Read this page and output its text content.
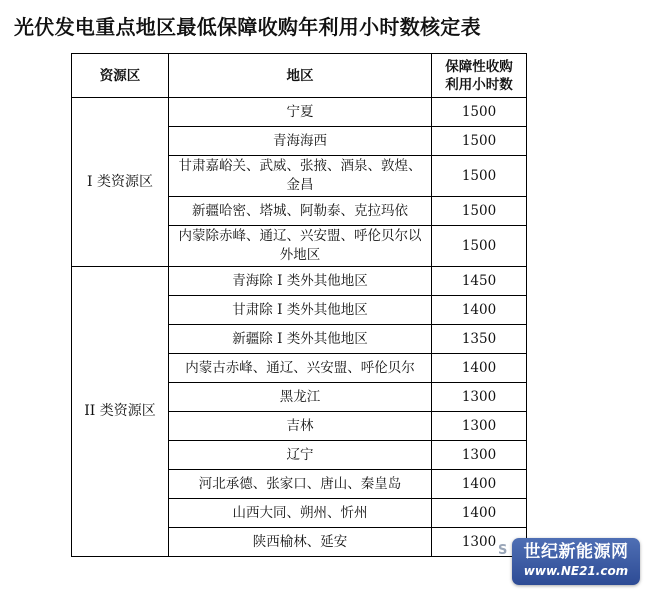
光伏发电重点地区最低保障收购年利用小时数核定表
资源区	地区	保障性收购
利用小时数
I 类资源区	宁夏	1500
	青海海西	1500
	甘肃嘉峪关、武威、张掖、酒泉、敦煌、金昌	1500
	新疆哈密、塔城、阿勒泰、克拉玛依	1500
	内蒙除赤峰、通辽、兴安盟、呼伦贝尔以外地区	1500
II 类资源区	青海除 I 类外其他地区	1450
	甘肃除 I 类外其他地区	1400
	新疆除 I 类外其他地区	1350
	内蒙古赤峰、通辽、兴安盟、呼伦贝尔	1400
	黑龙江	1300
	吉林	1300
	辽宁	1300
	河北承德、张家口、唐山、秦皇岛	1400
	山西大同、朔州、忻州	1400
	陕西榆林、延安	1300
S 世纪新能源网
www.NE21.com
